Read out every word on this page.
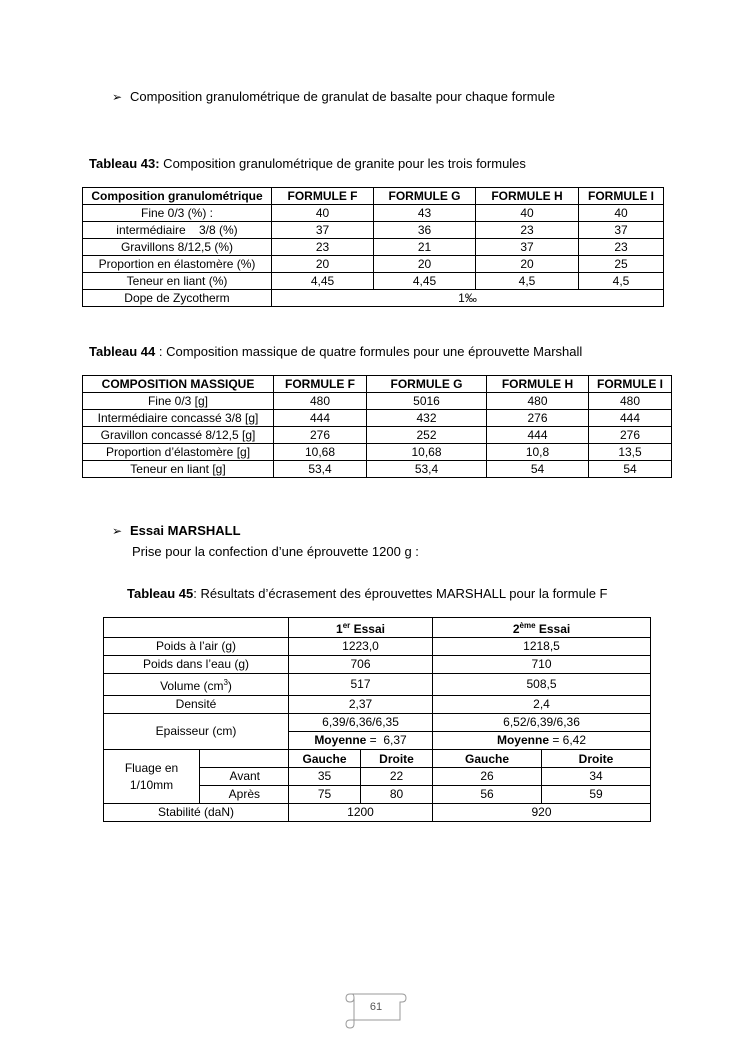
➢ Composition granulométrique de granulat de basalte pour chaque formule
Tableau 43: Composition granulométrique de granite pour les trois formules
Composition granulométrique	FORMULE F	FORMULE G	FORMULE H	FORMULE I
Fine 0/3 (%) :	40	43	40	40
intermédiaire    3/8 (%)	37	36	23	37
Gravillons 8/12,5 (%)	23	21	37	23
Proportion en élastomère (%)	20	20	20	25
Teneur en liant (%)	4,45	4,45	4,5	4,5
Dope de Zycotherm	1‰			
Tableau 44 : Composition massique de quatre formules pour une éprouvette Marshall
COMPOSITION MASSIQUE	FORMULE F	FORMULE G	FORMULE H	FORMULE I
Fine 0/3 [g]	480	5016	480	480
Intermédiaire concassé 3/8 [g]	444	432	276	444
Gravillon concassé 8/12,5 [g]	276	252	444	276
Proportion d’élastomère [g]	10,68	10,68	10,8	13,5
Teneur en liant [g]	53,4	53,4	54	54
➢ Essai MARSHALL
Prise pour la confection d’une éprouvette 1200 g :
Tableau 45: Résultats d’écrasement des éprouvettes MARSHALL pour la formule F
		1er Essai		2ème Essai	
Poids à l’air (g)		1223,0		1218,5	
Poids dans l’eau (g)		706		710	
Volume $(cm^3)$		517		508,5	
Densité		2,37		2,4	
Epaisseur (cm)		6,39/6,36/6,35		6,52/6,39/6,36	
		Moyenne =  6,37		Moyenne = 6,42	
Fluage en
1/10mm		Gauche	Droite	Gauche	Droite
	Avant	35	22	26	34
	Après	75	80	56	59
Stabilité (daN)		1200		920	
61
